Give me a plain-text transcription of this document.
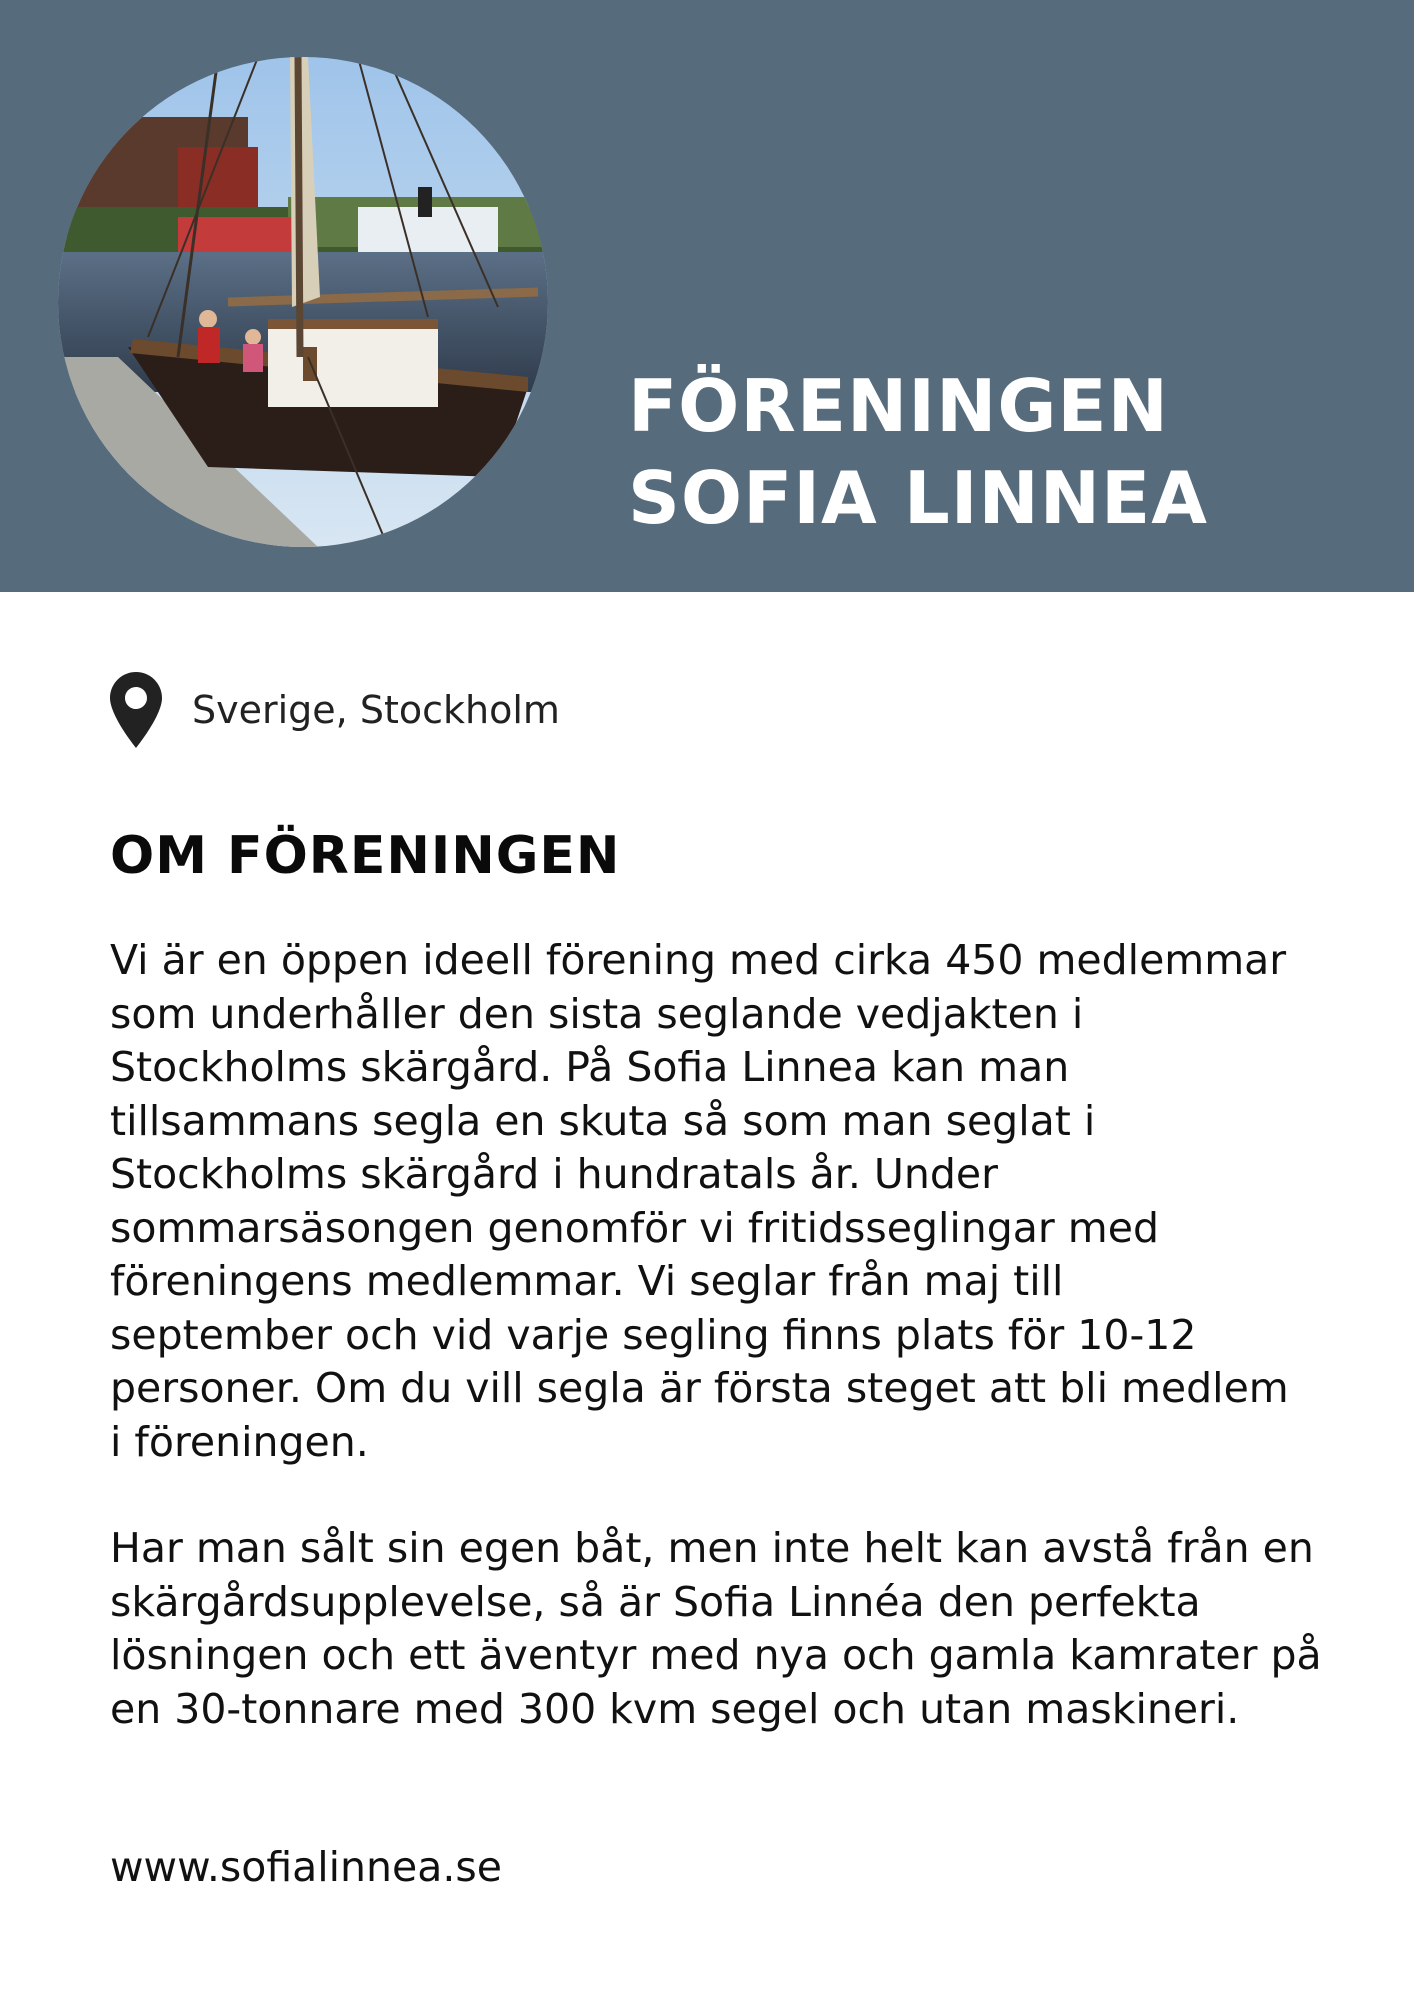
FÖRENINGEN
SOFIA LINNEA
Sverige, Stockholm
OM FÖRENINGEN

Vi är en öppen ideell förening med cirka 450 medlemmar som underhåller den sista seglande vedjakten i Stockholms skärgård. På Sofia Linnea kan man tillsammans segla en skuta så som man seglat i Stockholms skärgård i hundratals år. Under sommarsäsongen genomför vi fritidsseglingar med föreningens medlemmar. Vi seglar från maj till september och vid varje segling finns plats för 10-12 personer. Om du vill segla är första steget att bli medlem i föreningen.

Har man sålt sin egen båt, men inte helt kan avstå från en skärgårdsupplevelse, så är Sofia Linnéa den perfekta lösningen och ett äventyr med nya och gamla kamrater på en 30-tonnare med 300 kvm segel och utan maskineri.

www.sofialinnea.se
